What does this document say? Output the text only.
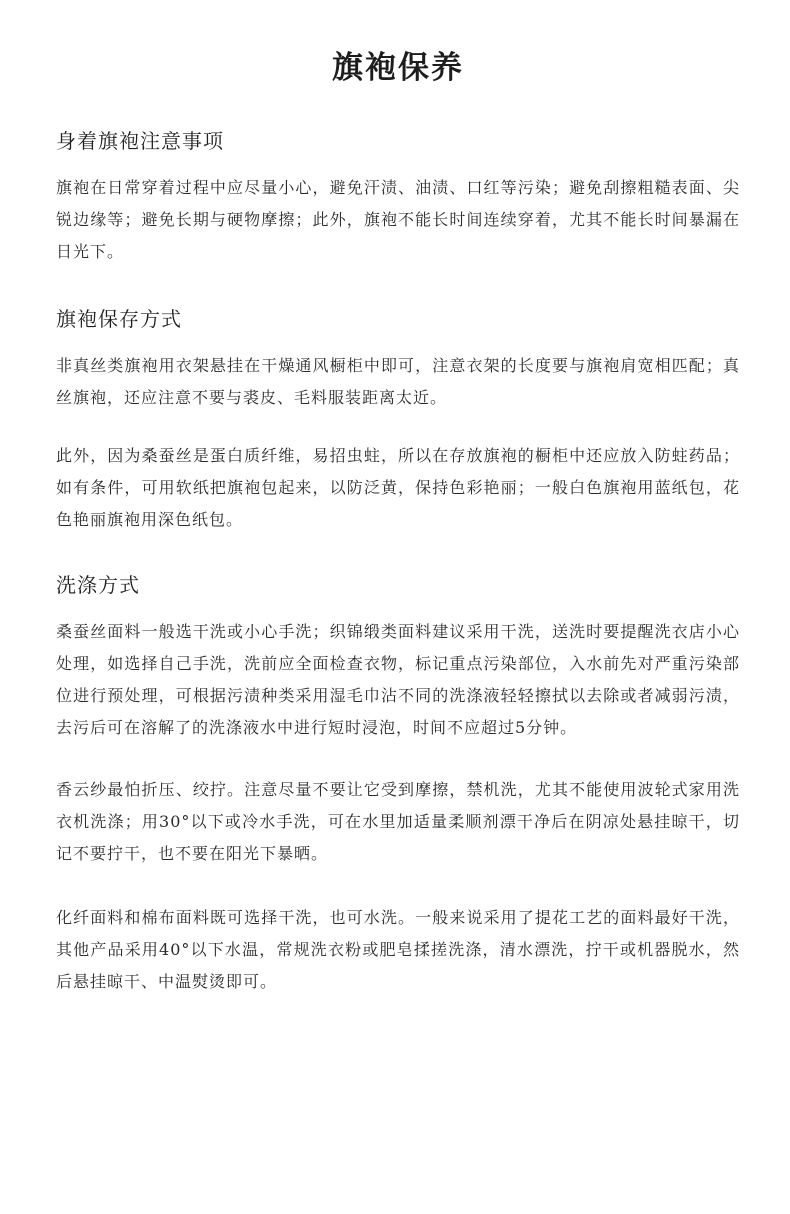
旗袍保养
身着旗袍注意事项

旗袍在日常穿着过程中应尽量小心，避免汗渍、油渍、口红等污染；避免刮擦粗糙表面、尖锐边缘等；避免长期与硬物摩擦；此外，旗袍不能长时间连续穿着，尤其不能长时间暴漏在日光下。

旗袍保存方式

非真丝类旗袍用衣架悬挂在干燥通风橱柜中即可，注意衣架的长度要与旗袍肩宽相匹配；真丝旗袍，还应注意不要与裘皮、毛料服装距离太近。

此外，因为桑蚕丝是蛋白质纤维，易招虫蛀，所以在存放旗袍的橱柜中还应放入防蛀药品；如有条件，可用软纸把旗袍包起来，以防泛黄，保持色彩艳丽；一般白色旗袍用蓝纸包，花色艳丽旗袍用深色纸包。

洗涤方式

桑蚕丝面料一般选干洗或小心手洗；织锦缎类面料建议采用干洗，送洗时要提醒洗衣店小心处理，如选择自己手洗，洗前应全面检查衣物，标记重点污染部位，入水前先对严重污染部位进行预处理，可根据污渍种类采用湿毛巾沾不同的洗涤液轻轻擦拭以去除或者减弱污渍，去污后可在溶解了的洗涤液水中进行短时浸泡，时间不应超过5分钟。

香云纱最怕折压、绞拧。注意尽量不要让它受到摩擦，禁机洗，尤其不能使用波轮式家用洗衣机洗涤；用30°以下或冷水手洗，可在水里加适量柔顺剂漂干净后在阴凉处悬挂晾干，切记不要拧干，也不要在阳光下暴晒。

化纤面料和棉布面料既可选择干洗，也可水洗。一般来说采用了提花工艺的面料最好干洗，其他产品采用40°以下水温，常规洗衣粉或肥皂揉搓洗涤，清水漂洗，拧干或机器脱水，然后悬挂晾干、中温熨烫即可。
